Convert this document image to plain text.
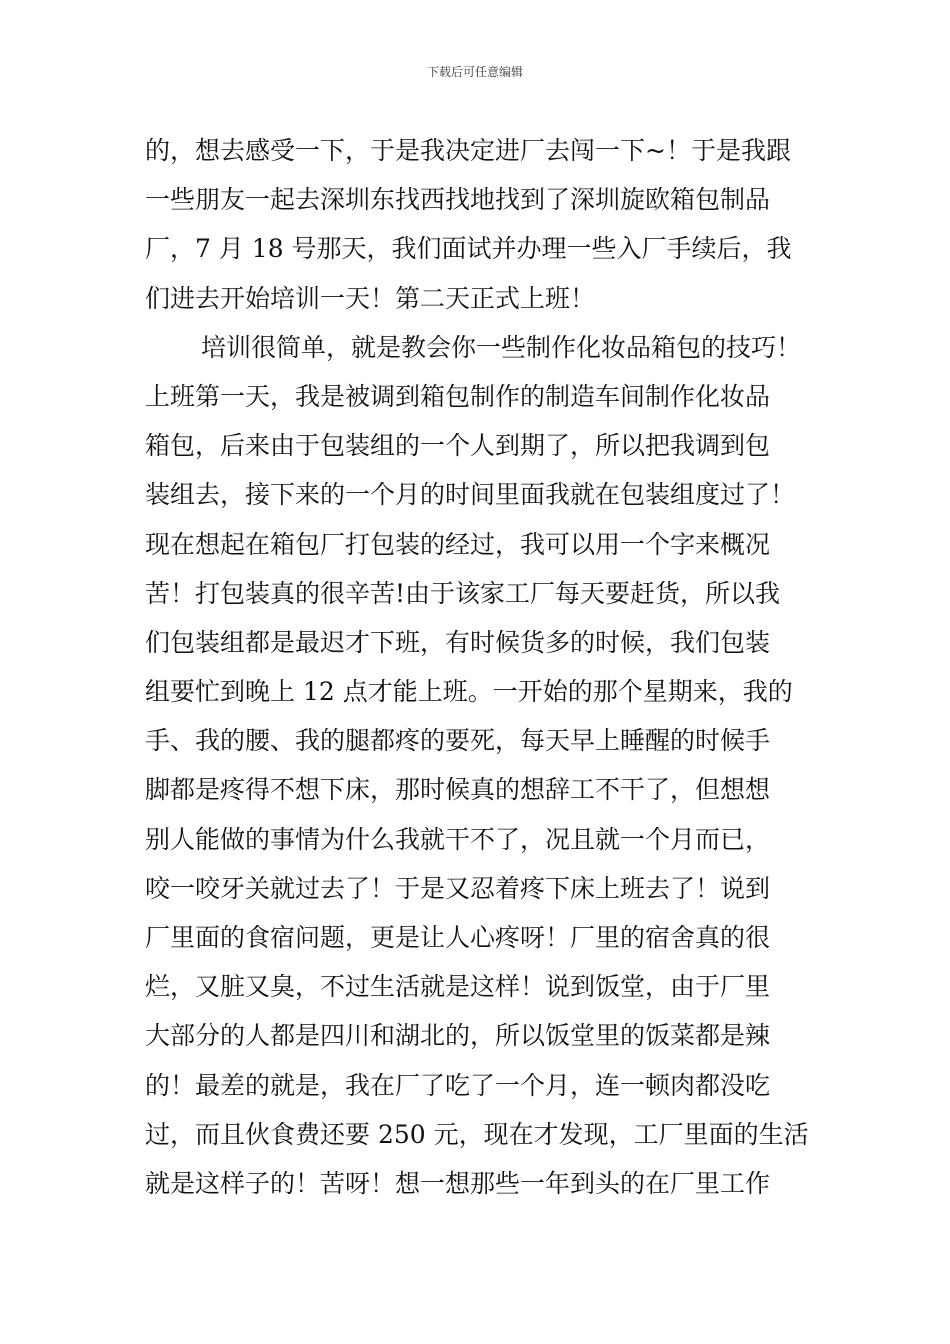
下载后可任意编辑
的，想去感受一下，于是我决定进厂去闯一下~！于是我跟
一些朋友一起去深圳东找西找地找到了深圳旋欧箱包制品
厂，7 月 18 号那天，我们面试并办理一些入厂手续后，我
们进去开始培训一天！第二天正式上班！
培训很简单，就是教会你一些制作化妆品箱包的技巧！
上班第一天，我是被调到箱包制作的制造车间制作化妆品
箱包，后来由于包装组的一个人到期了，所以把我调到包
装组去，接下来的一个月的时间里面我就在包装组度过了！
现在想起在箱包厂打包装的经过，我可以用一个字来概况
苦！打包装真的很辛苦!由于该家工厂每天要赶货，所以我
们包装组都是最迟才下班，有时候货多的时候，我们包装
组要忙到晚上 12 点才能上班。一开始的那个星期来，我的
手、我的腰、我的腿都疼的要死，每天早上睡醒的时候手
脚都是疼得不想下床，那时候真的想辞工不干了，但想想
别人能做的事情为什么我就干不了，况且就一个月而已，
咬一咬牙关就过去了！于是又忍着疼下床上班去了！说到
厂里面的食宿问题，更是让人心疼呀！厂里的宿舍真的很
烂，又脏又臭，不过生活就是这样！说到饭堂，由于厂里
大部分的人都是四川和湖北的，所以饭堂里的饭菜都是辣
的！最差的就是，我在厂了吃了一个月，连一顿肉都没吃
过，而且伙食费还要 250 元，现在才发现，工厂里面的生活
就是这样子的！苦呀！想一想那些一年到头的在厂里工作
